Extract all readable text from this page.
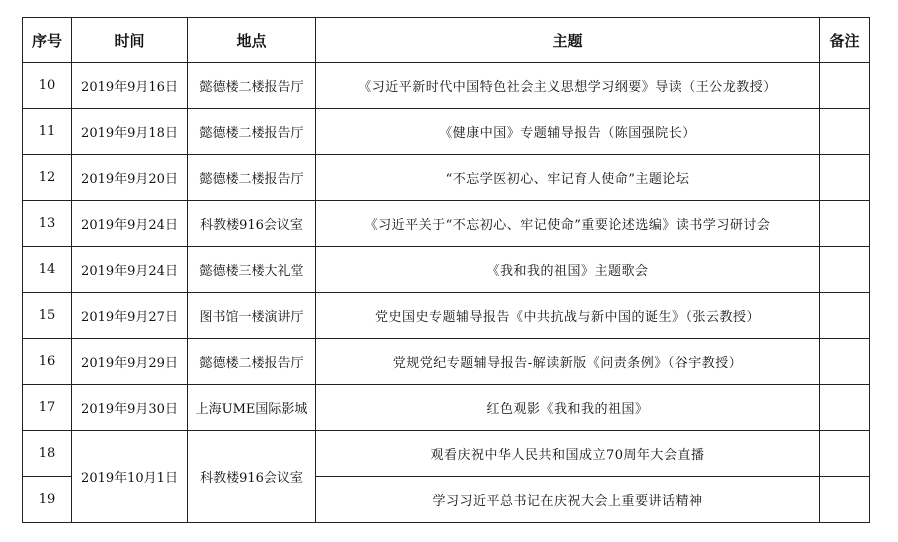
序号	时间	地点	主题	备注
10	2019年9月16日	懿德楼二楼报告厅	《习近平新时代中国特色社会主义思想学习纲要》导读（王公龙教授）	
11	2019年9月18日	懿德楼二楼报告厅	《健康中国》专题辅导报告（陈国强院长）	
12	2019年9月20日	懿德楼二楼报告厅	“不忘学医初心、牢记育人使命”主题论坛	
13	2019年9月24日	科教楼916会议室	《习近平关于“不忘初心、牢记使命”重要论述选编》读书学习研讨会	
14	2019年9月24日	懿德楼三楼大礼堂	《我和我的祖国》主题歌会	
15	2019年9月27日	图书馆一楼演讲厅	党史国史专题辅导报告《中共抗战与新中国的诞生》（张云教授）	
16	2019年9月29日	懿德楼二楼报告厅	党规党纪专题辅导报告-解读新版《问责条例》（谷宇教授）	
17	2019年9月30日	上海UME国际影城	红色观影《我和我的祖国》	
18	2019年10月1日	科教楼916会议室	观看庆祝中华人民共和国成立70周年大会直播	
19			学习习近平总书记在庆祝大会上重要讲话精神	
